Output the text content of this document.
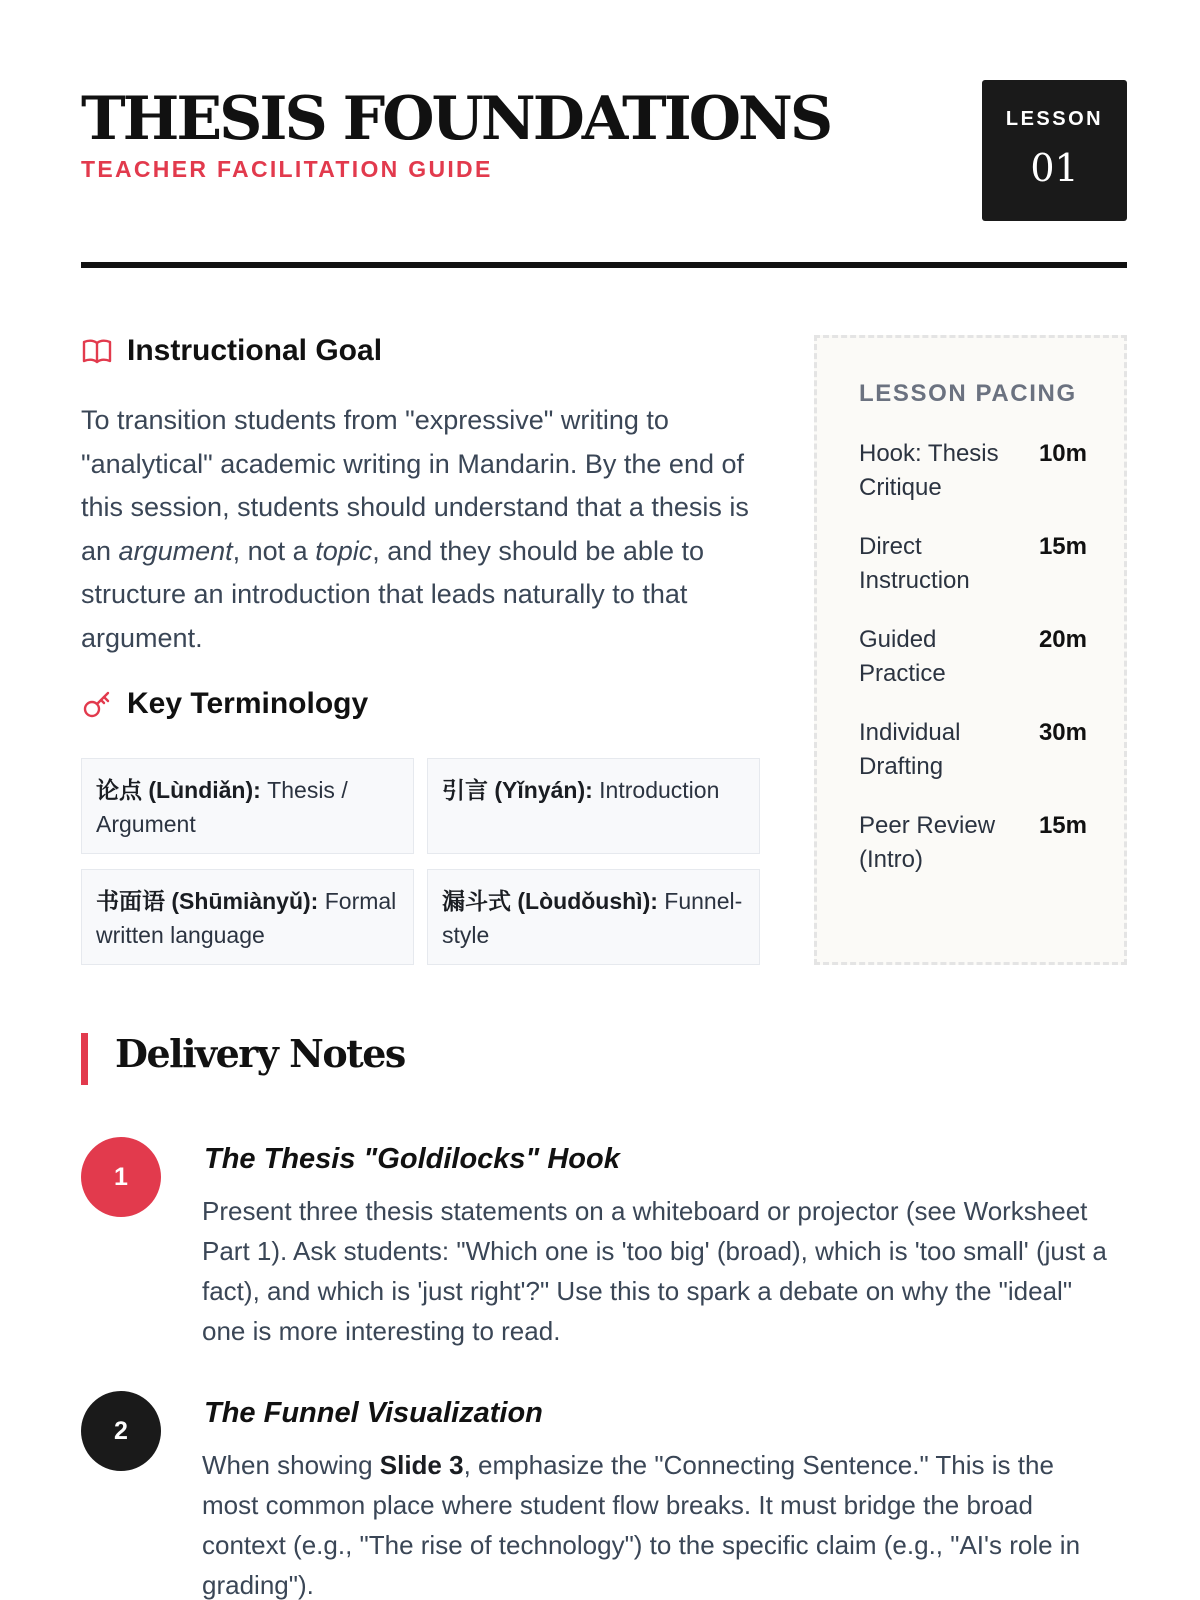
THESIS FOUNDATIONS
TEACHER FACILITATION GUIDE
LESSON
01
Instructional Goal
To transition students from "expressive" writing to "analytical" academic writing in Mandarin. By the end of this session, students should understand that a thesis is an argument, not a topic, and they should be able to structure an introduction that leads naturally to that argument.
Key Terminology
论点 (Lùndiǎn): Thesis / Argument
引言 (Yǐnyán): Introduction
书面语 (Shūmiànyǔ): Formal written language
漏斗式 (Lòudǒushì): Funnel-style
LESSON PACING
Hook: Thesis Critique
10m
Direct Instruction
15m
Guided Practice
20m
Individual Drafting
30m
Peer Review (Intro)
15m
Delivery Notes
1
The Thesis "Goldilocks" Hook
Present three thesis statements on a whiteboard or projector (see Worksheet Part 1). Ask students: "Which one is 'too big' (broad), which is 'too small' (just a fact), and which is 'just right'?" Use this to spark a debate on why the "ideal" one is more interesting to read.
2
The Funnel Visualization
When showing Slide 3, emphasize the "Connecting Sentence." This is the most common place where student flow breaks. It must bridge the broad context (e.g., "The rise of technology") to the specific claim (e.g., "AI's role in grading").
